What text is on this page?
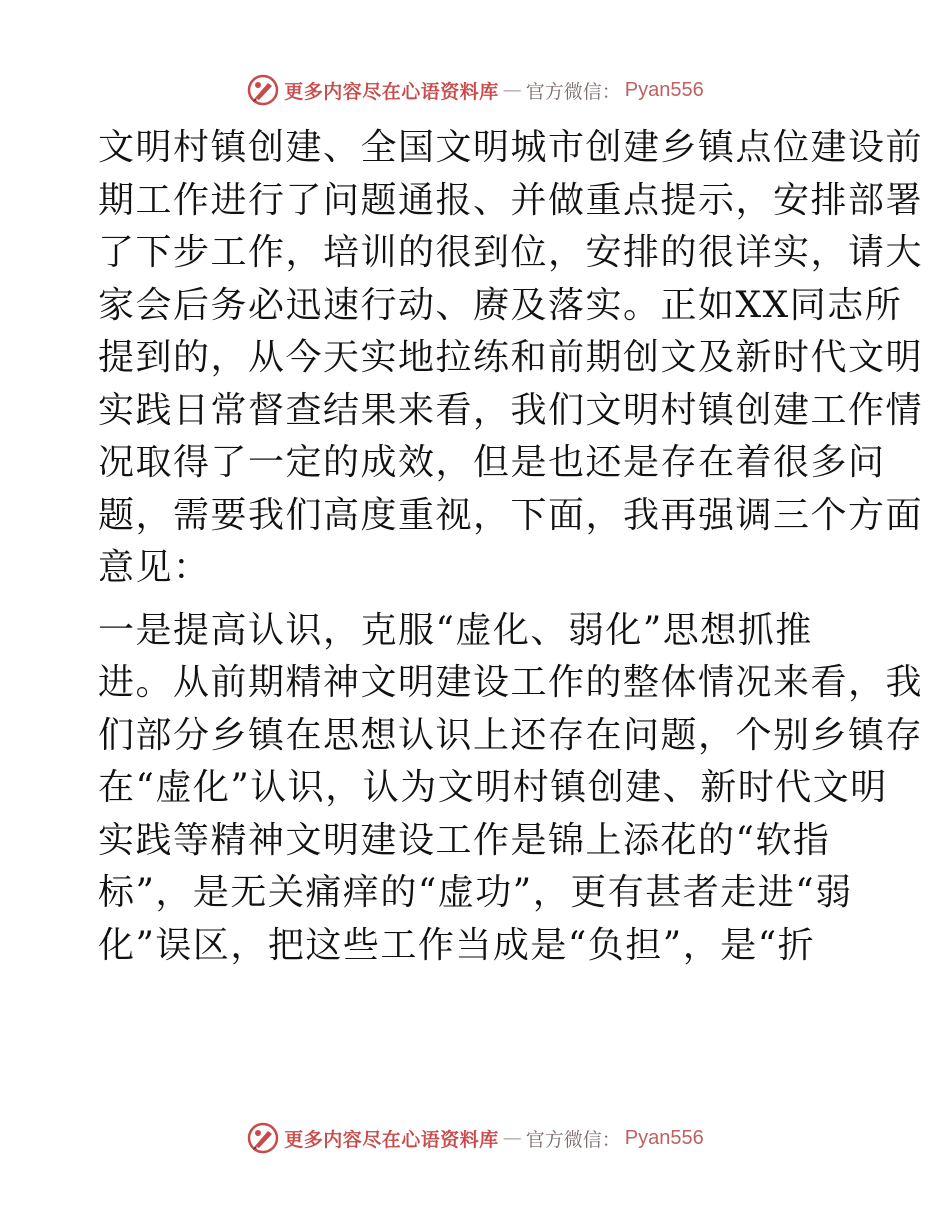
更多内容尽在心语资料库 — 官方微信： Pyan556
文明村镇创建、全国文明城市创建乡镇点位建设前
期工作进行了问题通报、并做重点提示，安排部署
了下步工作，培训的很到位，安排的很详实，请大
家会后务必迅速行动、赓及落实。正如XX同志所
提到的，从今天实地拉练和前期创文及新时代文明
实践日常督查结果来看，我们文明村镇创建工作情
况取得了一定的成效，但是也还是存在着很多问
题，需要我们高度重视，下面，我再强调三个方面
意见：
一是提高认识，克服“虚化、弱化”思想抓推
进。从前期精神文明建设工作的整体情况来看，我
们部分乡镇在思想认识上还存在问题，个别乡镇存
在“虚化”认识，认为文明村镇创建、新时代文明
实践等精神文明建设工作是锦上添花的“软指
标”，是无关痛痒的“虚功”，更有甚者走进“弱
化”误区，把这些工作当成是“负担”，是“折
更多内容尽在心语资料库 — 官方微信： Pyan556
